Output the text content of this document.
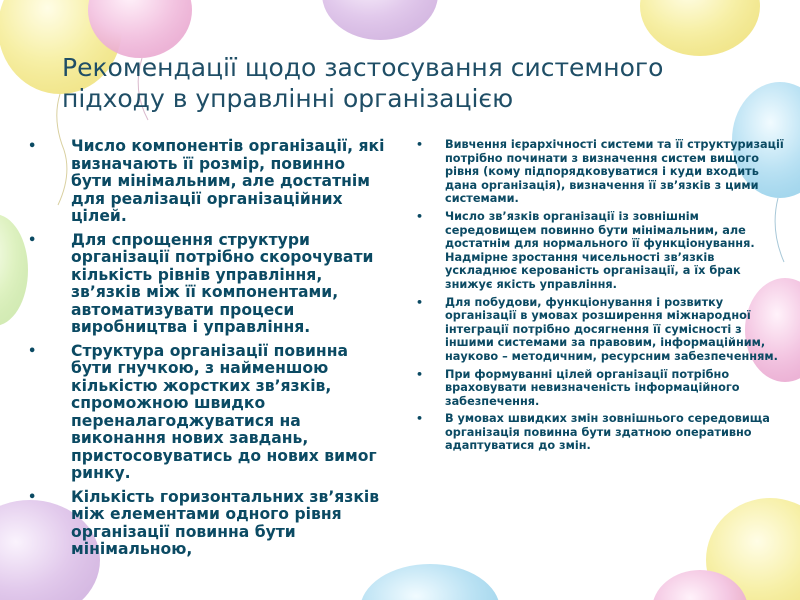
Рекомендації щодо застосування системного підходу в управлінні організацією
• Число компонентів організації, які визначають її розмір, повинно бути мінімальним, але достатнім для реалізації організаційних цілей.
• Для спрощення структури організації потрібно скорочувати кількість рівнів управління, зв’язків між її компонентами, автоматизувати процеси виробництва і управління.
• Структура організації повинна бути гнучкою, з найменшою кількістю жорстких зв’язків, спроможною швидко переналагоджуватися на виконання нових завдань, пристосовуватись до нових вимог ринку.
• Кількість горизонтальних зв’язків між елементами одного рівня організації повинна бути мінімальною,
• Вивчення ієрархічності системи та її структуризації потрібно починати з визначення систем вищого рівня (кому підпорядковуватися і куди входить дана організація), визначення її зв’язків з цими системами.
• Число зв’язків організації із зовнішнім середовищем повинно бути мінімальним, але достатнім для нормального її функціонування. Надмірне зростання чисельності зв’язків ускладнює керованість організації, а їх брак знижує якість управління.
• Для побудови, функціонування і розвитку організації в умовах розширення міжнародної інтеграції потрібно досягнення її сумісності з іншими системами за правовим, інформаційним, науково – методичним, ресурсним забезпеченням.
• При формуванні цілей організації потрібно враховувати невизначеність інформаційного забезпечення.
• В умовах швидких змін зовнішнього середовища організація повинна бути здатною оперативно адаптуватися до змін.
